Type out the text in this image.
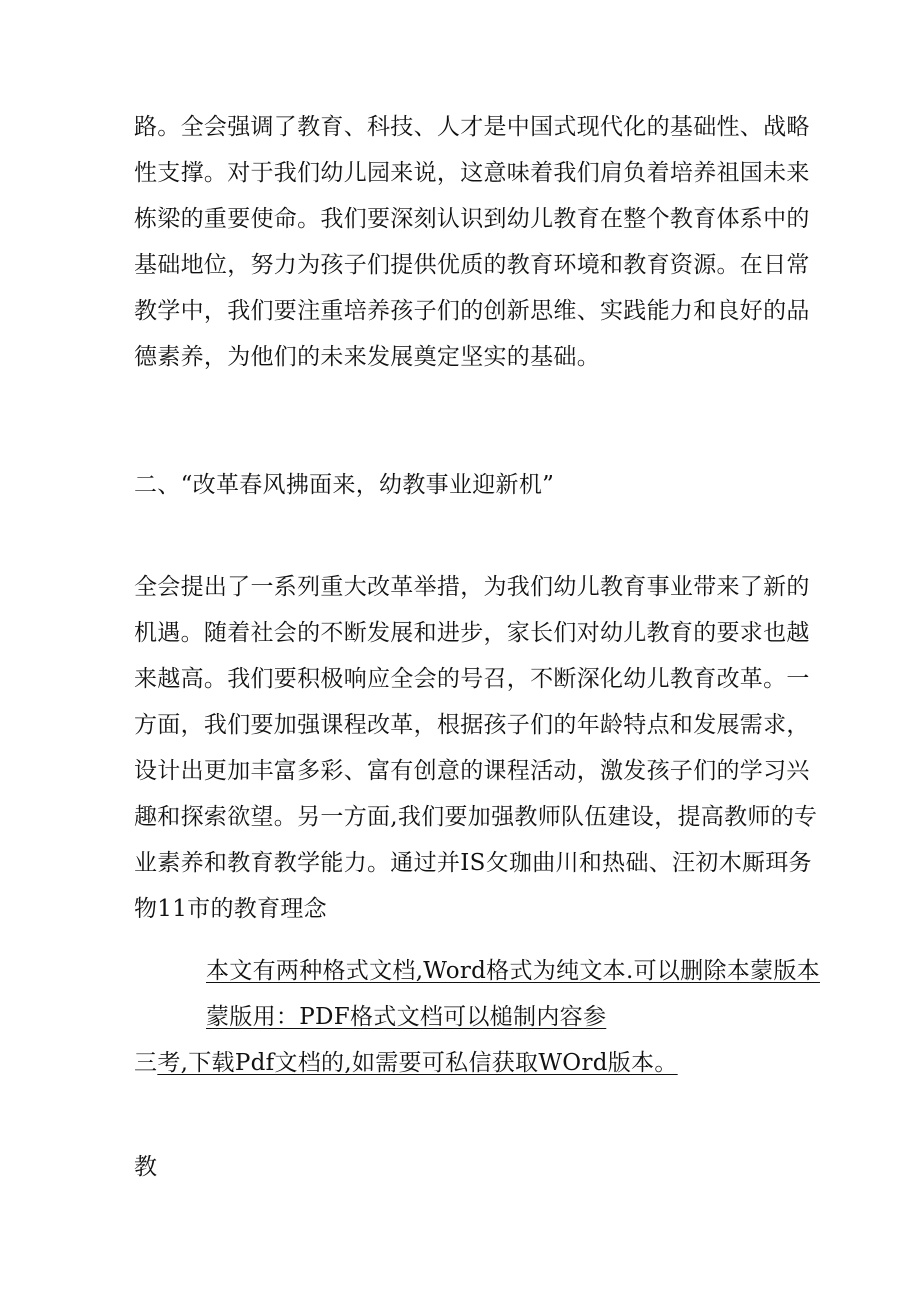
路。全会强调了教育、科技、人才是中国式现代化的基础性、战略
性支撑。对于我们幼儿园来说，这意味着我们肩负着培养祖国未来
栋梁的重要使命。我们要深刻认识到幼儿教育在整个教育体系中的
基础地位，努力为孩子们提供优质的教育环境和教育资源。在日常
教学中，我们要注重培养孩子们的创新思维、实践能力和良好的品
德素养，为他们的未来发展奠定坚实的基础。
二、“改革春风拂面来，幼教事业迎新机”
全会提出了一系列重大改革举措，为我们幼儿教育事业带来了新的
机遇。随着社会的不断发展和进步，家长们对幼儿教育的要求也越
来越高。我们要积极响应全会的号召，不断深化幼儿教育改革。一
方面，我们要加强课程改革，根据孩子们的年龄特点和发展需求，
设计出更加丰富多彩、富有创意的课程活动，激发孩子们的学习兴
趣和探索欲望。另一方面,我们要加强教师队伍建设，提高教师的专
业素养和教育教学能力。通过并IS攵珈曲川和热础、汪初木厮珥务
物11市的教育理念
本文有两种格式文档,Word格式为纯文本.可以删除本蒙版本
蒙版用：PDF格式文档可以槌制内容参
三考,下载Pdf文档的,如需要可私信获取WOrd版本。
教
